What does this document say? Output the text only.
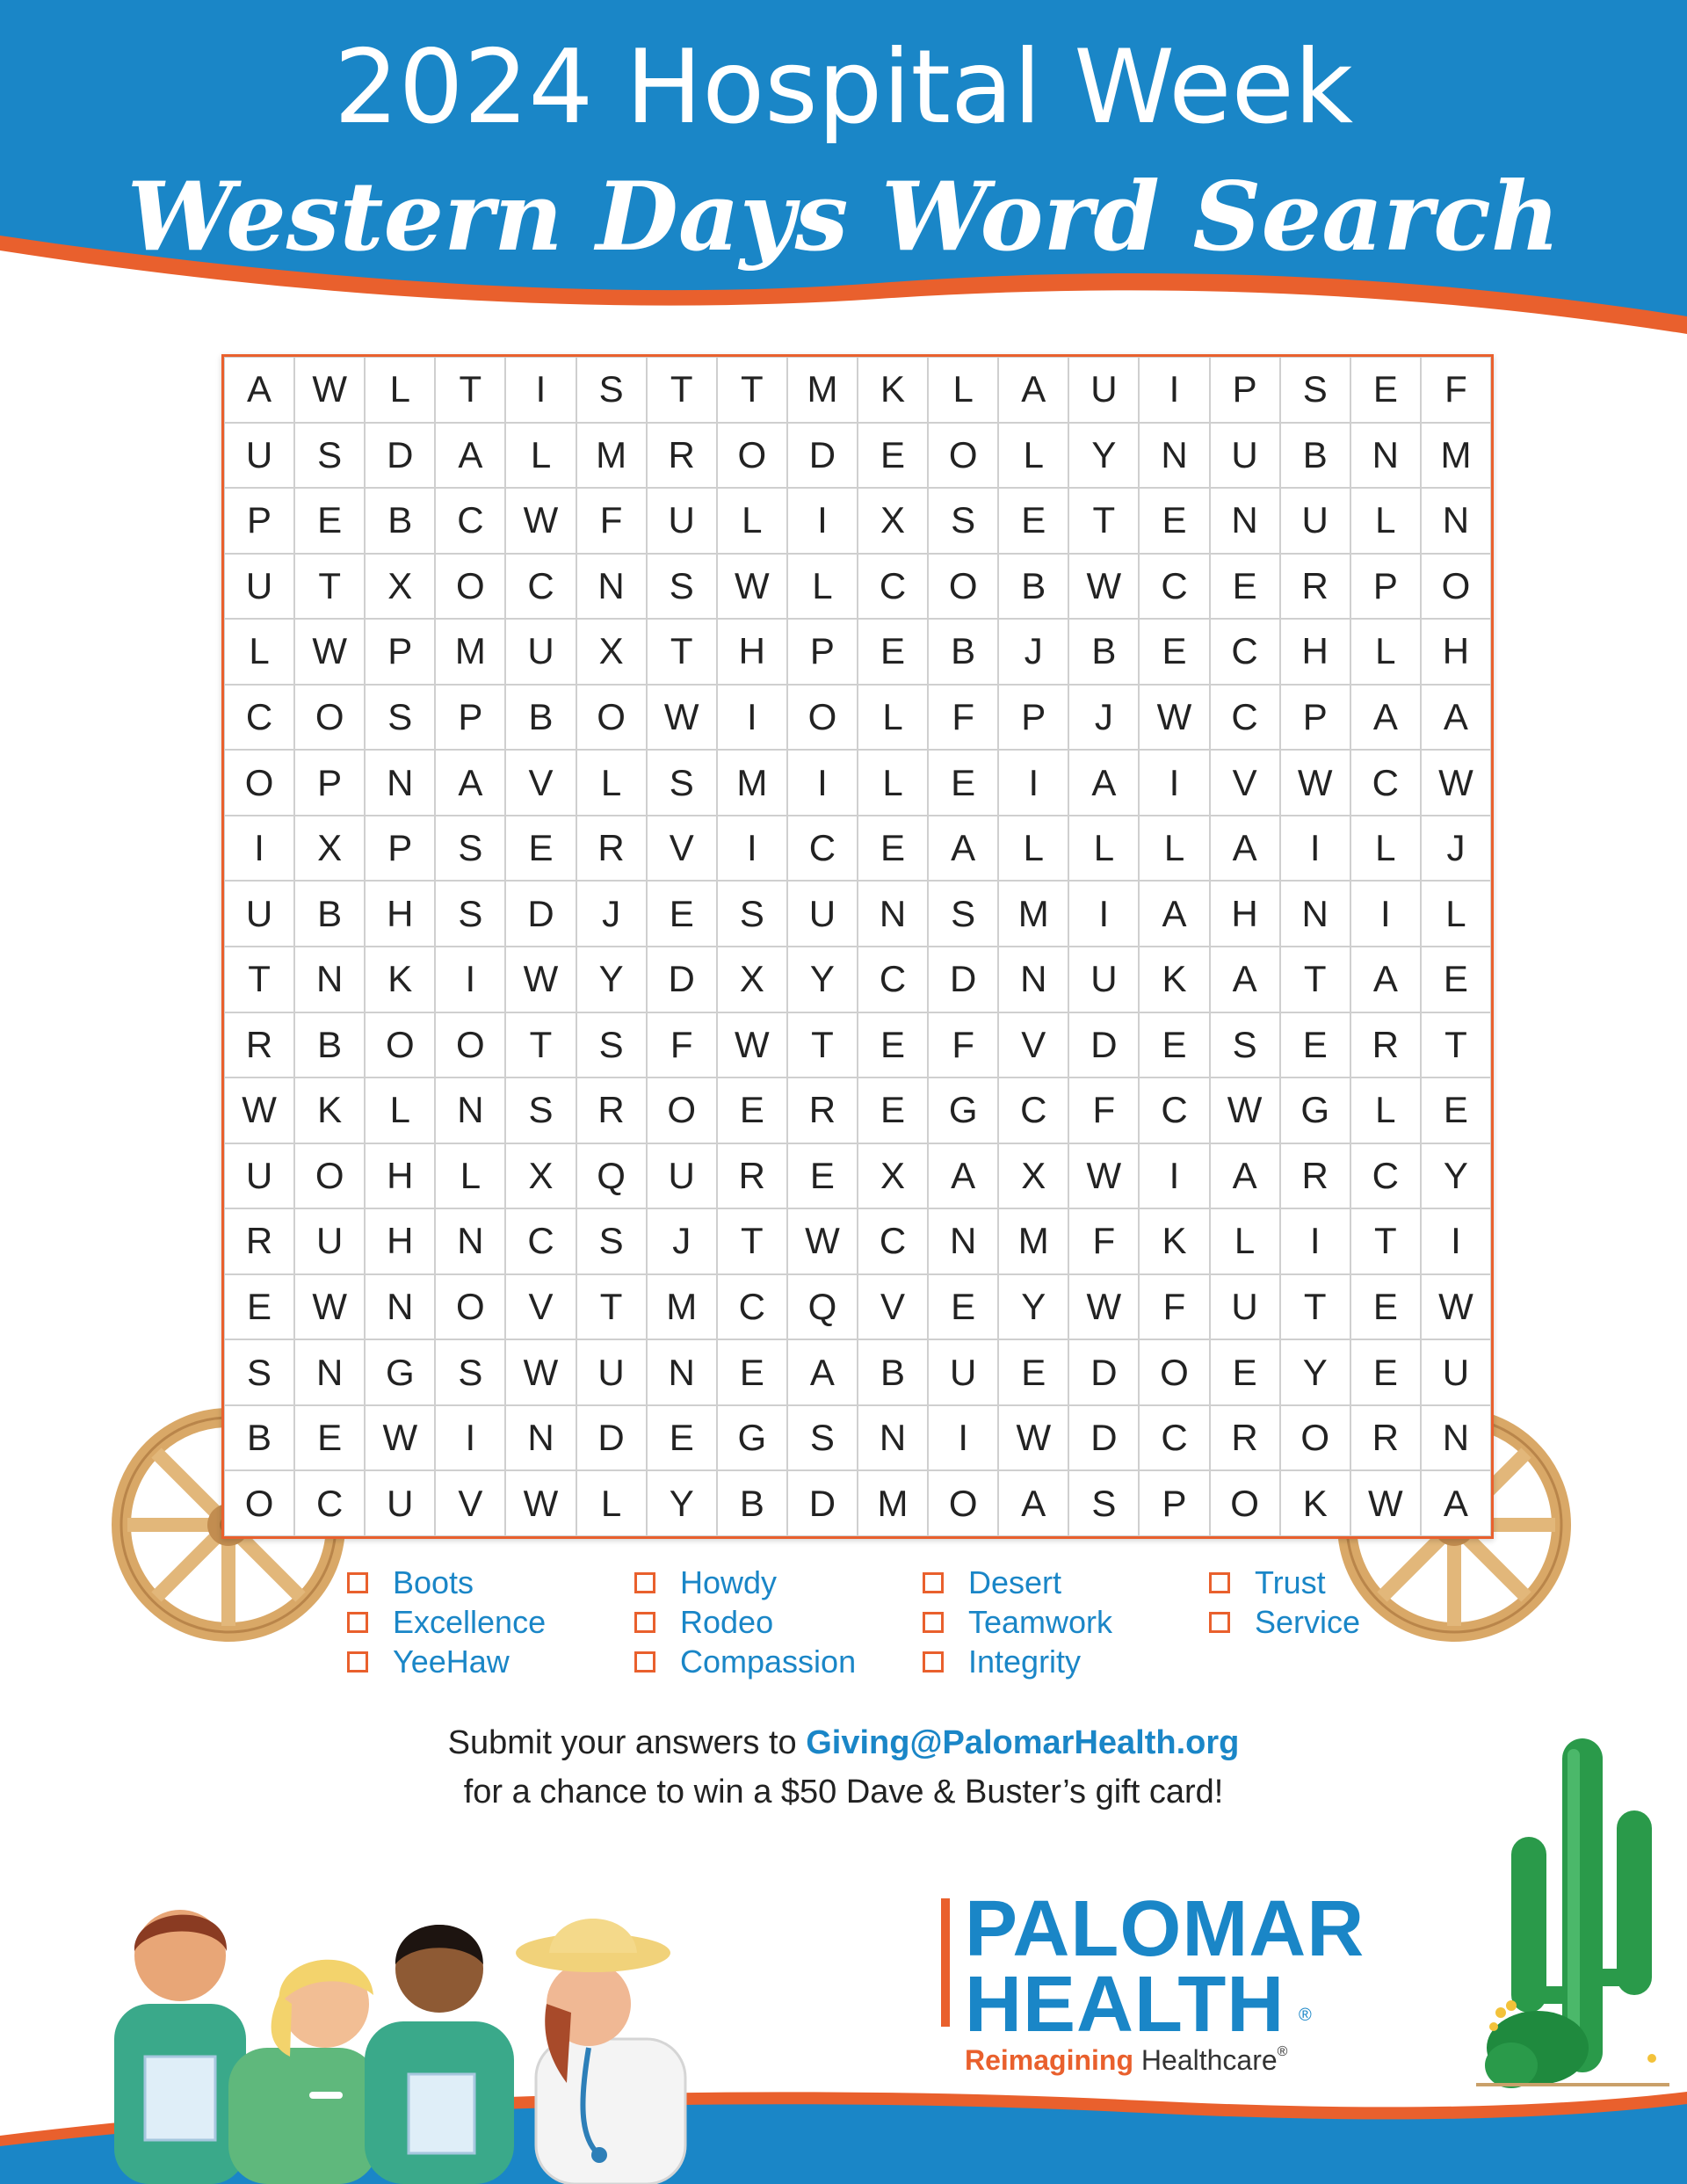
2024 Hospital Week
Western Days Word Search
A	W	L	T	I	S	T	T	M	K	L	A	U	I	P	S	E	F
U	S	D	A	L	M	R	O	D	E	O	L	Y	N	U	B	N	M
P	E	B	C	W	F	U	L	I	X	S	E	T	E	N	U	L	N
U	T	X	O	C	N	S	W	L	C	O	B	W	C	E	R	P	O
L	W	P	M	U	X	T	H	P	E	B	J	B	E	C	H	L	H
C	O	S	P	B	O	W	I	O	L	F	P	J	W	C	P	A	A
O	P	N	A	V	L	S	M	I	L	E	I	A	I	V	W	C	W
I	X	P	S	E	R	V	I	C	E	A	L	L	L	A	I	L	J
U	B	H	S	D	J	E	S	U	N	S	M	I	A	H	N	I	L
T	N	K	I	W	Y	D	X	Y	C	D	N	U	K	A	T	A	E
R	B	O	O	T	S	F	W	T	E	F	V	D	E	S	E	R	T
W	K	L	N	S	R	O	E	R	E	G	C	F	C	W	G	L	E
U	O	H	L	X	Q	U	R	E	X	A	X	W	I	A	R	C	Y
R	U	H	N	C	S	J	T	W	C	N	M	F	K	L	I	T	I
E	W	N	O	V	T	M	C	Q	V	E	Y	W	F	U	T	E	W
S	N	G	S	W	U	N	E	A	B	U	E	D	O	E	Y	E	U
B	E	W	I	N	D	E	G	S	N	I	W	D	C	R	O	R	N
O	C	U	V	W	L	Y	B	D	M	O	A	S	P	O	K	W	A
Boots
Excellence
YeeHaw
Howdy
Rodeo
Compassion
Desert
Teamwork
Integrity
Trust
Service
Submit your answers to Giving@PalomarHealth.org
for a chance to win a $50 Dave & Buster’s gift card!
PALOMAR
HEALTH ®
Reimagining Healthcare®
